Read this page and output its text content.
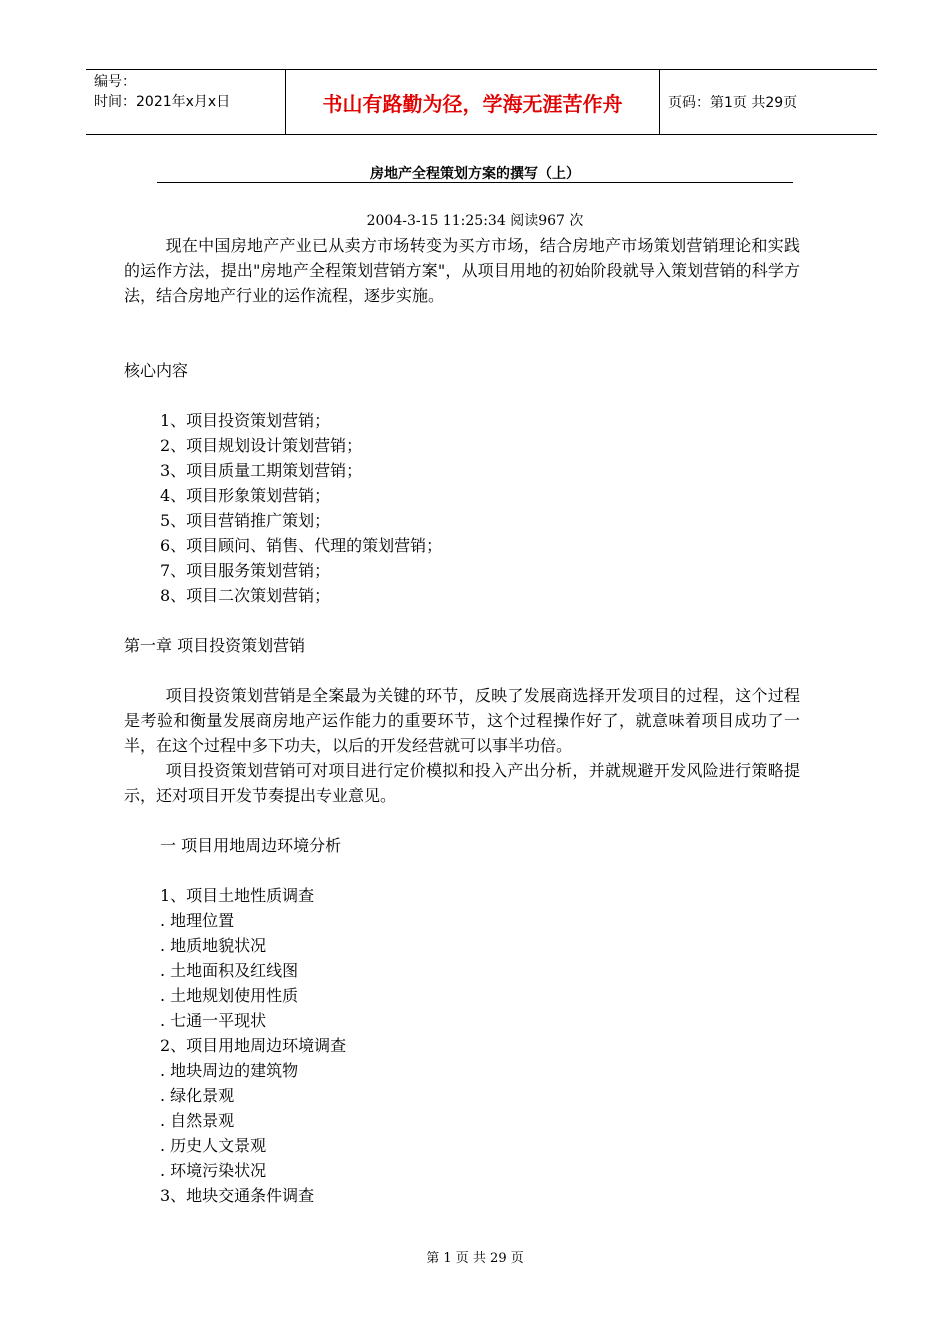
编号：
时间：2021年x月x日	书山有路勤为径，学海无涯苦作舟	页码：第1页 共29页
房地产全程策划方案的撰写（上）
2004-3-15 11:25:34 阅读967 次

现在中国房地产产业已从卖方市场转变为买方市场，结合房地产市场策划营销理论和实践的运作方法，提出"房地产全程策划营销方案"，从项目用地的初始阶段就导入策划营销的科学方法，结合房地产行业的运作流程，逐步实施。

核心内容

1、项目投资策划营销；

2、项目规划设计策划营销；

3、项目质量工期策划营销；

4、项目形象策划营销；

5、项目营销推广策划；

6、项目顾问、销售、代理的策划营销；

7、项目服务策划营销；

8、项目二次策划营销；

第一章 项目投资策划营销

项目投资策划营销是全案最为关键的环节，反映了发展商选择开发项目的过程，这个过程是考验和衡量发展商房地产运作能力的重要环节，这个过程操作好了，就意味着项目成功了一半，在这个过程中多下功夫，以后的开发经营就可以事半功倍。

项目投资策划营销可对项目进行定价模拟和投入产出分析，并就规避开发风险进行策略提示，还对项目开发节奏提出专业意见。

一 项目用地周边环境分析

1、项目土地性质调查

. 地理位置

. 地质地貌状况

. 土地面积及红线图

. 土地规划使用性质

. 七通一平现状

2、项目用地周边环境调查

. 地块周边的建筑物

. 绿化景观

. 自然景观

. 历史人文景观

. 环境污染状况

3、地块交通条件调查

第 1 页 共 29 页
